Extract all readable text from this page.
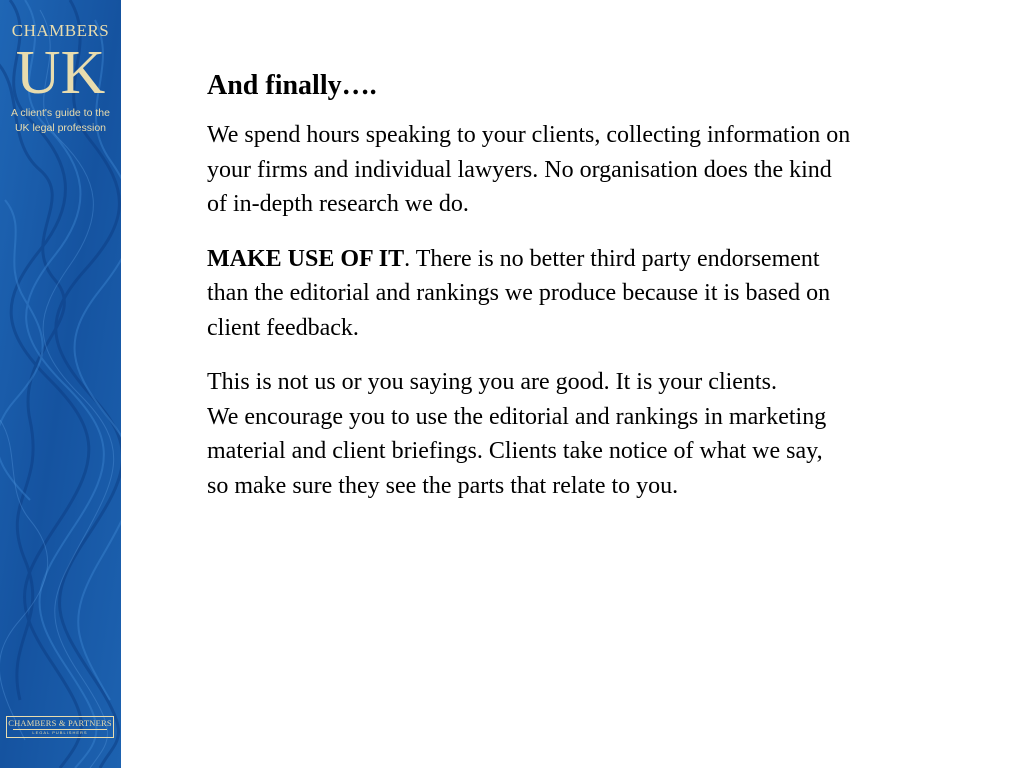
CHAMBERS
UK
A client's guide to the
UK legal profession
CHAMBERS & PARTNERS
LEGAL PUBLISHERS
And finally….

We spend hours speaking to your clients, collecting information on
your firms and individual lawyers. No organisation does the kind
of in-depth research we do.

MAKE USE OF IT. There is no better third party endorsement
than the editorial and rankings we produce because it is based on
client feedback.

This is not us or you saying you are good. It is your clients.
We encourage you to use the editorial and rankings in marketing
material and client briefings. Clients take notice of what we say,
so make sure they see the parts that relate to you.
